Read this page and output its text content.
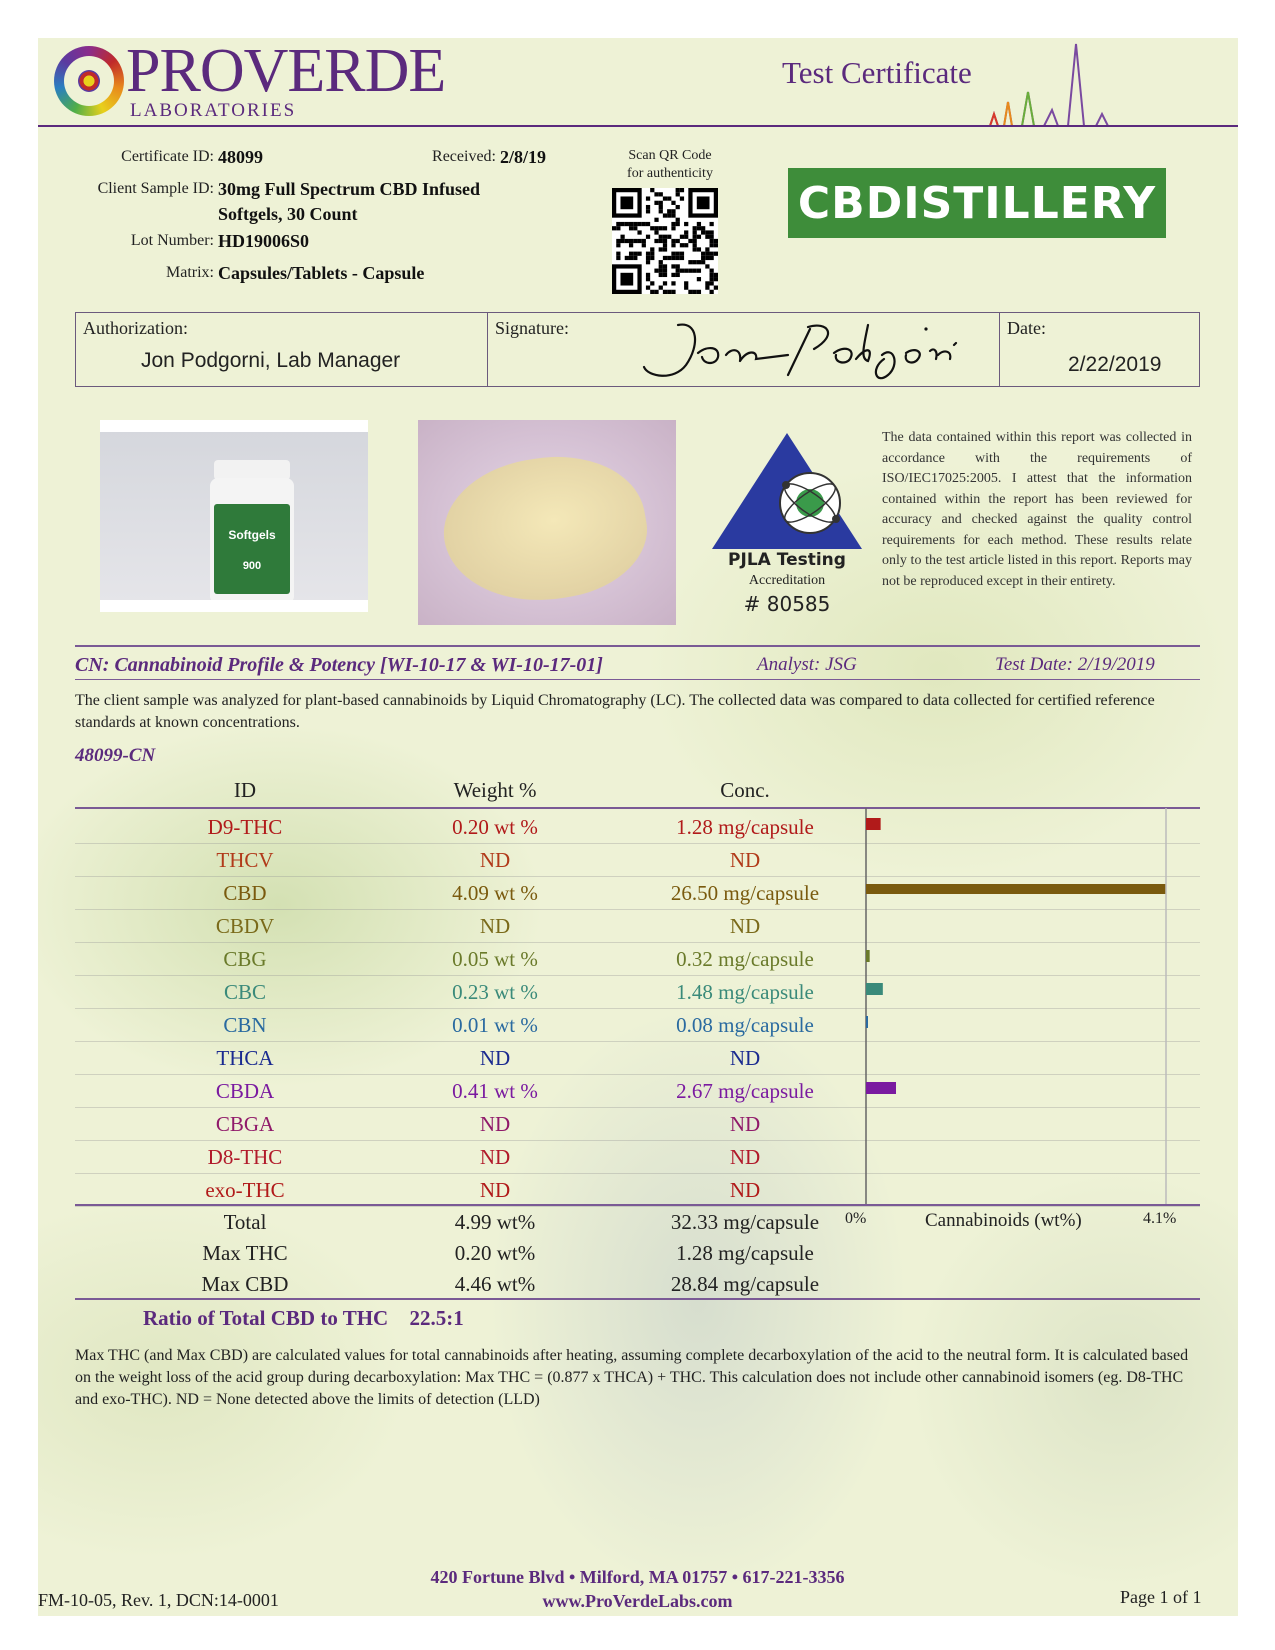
PROVERDE
LABORATORIES
Test Certificate
Certificate ID: 48099	Received: 2/8/19
Client Sample ID: 30mg Full Spectrum CBD Infused
Softgels, 30 Count
Lot Number: HD19006S0
Matrix: Capsules/Tablets - Capsule
Scan QR Code
for authenticity
CBDISTILLERY
Authorization:
Jon Podgorni, Lab Manager
Signature:	Date:
2/22/2019
Softgels
900	PJLA Testing
Accreditation
# 80585
The data contained within this report was collected in accordance with the requirements of ISO/IEC17025:2005. I attest that the information contained within the report has been reviewed for accuracy and checked against the quality control requirements for each method. These results relate only to the test article listed in this report. Reports may not be reproduced except in their entirety.
CN: Cannabinoid Profile & Potency [WI-10-17 & WI-10-17-01]	Analyst: JSG	Test Date: 2/19/2019
The client sample was analyzed for plant-based cannabinoids by Liquid Chromatography (LC). The collected data was compared to data collected for certified reference standards at known concentrations.
48099-CN
ID	Weight %	Conc.
D9-THC	0.20 wt %	1.28 mg/capsule
THCV	ND	ND
CBD	4.09 wt %	26.50 mg/capsule
CBDV	ND	ND
CBG	0.05 wt %	0.32 mg/capsule
CBC	0.23 wt %	1.48 mg/capsule
CBN	0.01 wt %	0.08 mg/capsule
THCA	ND	ND
CBDA	0.41 wt %	2.67 mg/capsule
CBGA	ND	ND
D8-THC	ND	ND
exo-THC	ND	ND
0%	Cannabinoids (wt%)	4.1%
Total	4.99 wt%	32.33 mg/capsule
Max THC	0.20 wt%	1.28 mg/capsule
Max CBD	4.46 wt%	28.84 mg/capsule
Ratio of Total CBD to THC 22.5:1
Max THC (and Max CBD) are calculated values for total cannabinoids after heating, assuming complete decarboxylation of the acid to the neutral form. It is calculated based on the weight loss of the acid group during decarboxylation: Max THC = (0.877 x THCA) + THC. This calculation does not include other cannabinoid isomers (eg. D8-THC and exo-THC). ND = None detected above the limits of detection (LLD)
420 Fortune Blvd • Milford, MA 01757 • 617-221-3356
www.ProVerdeLabs.com
FM-10-05, Rev. 1, DCN:14-0001	Page 1 of 1
